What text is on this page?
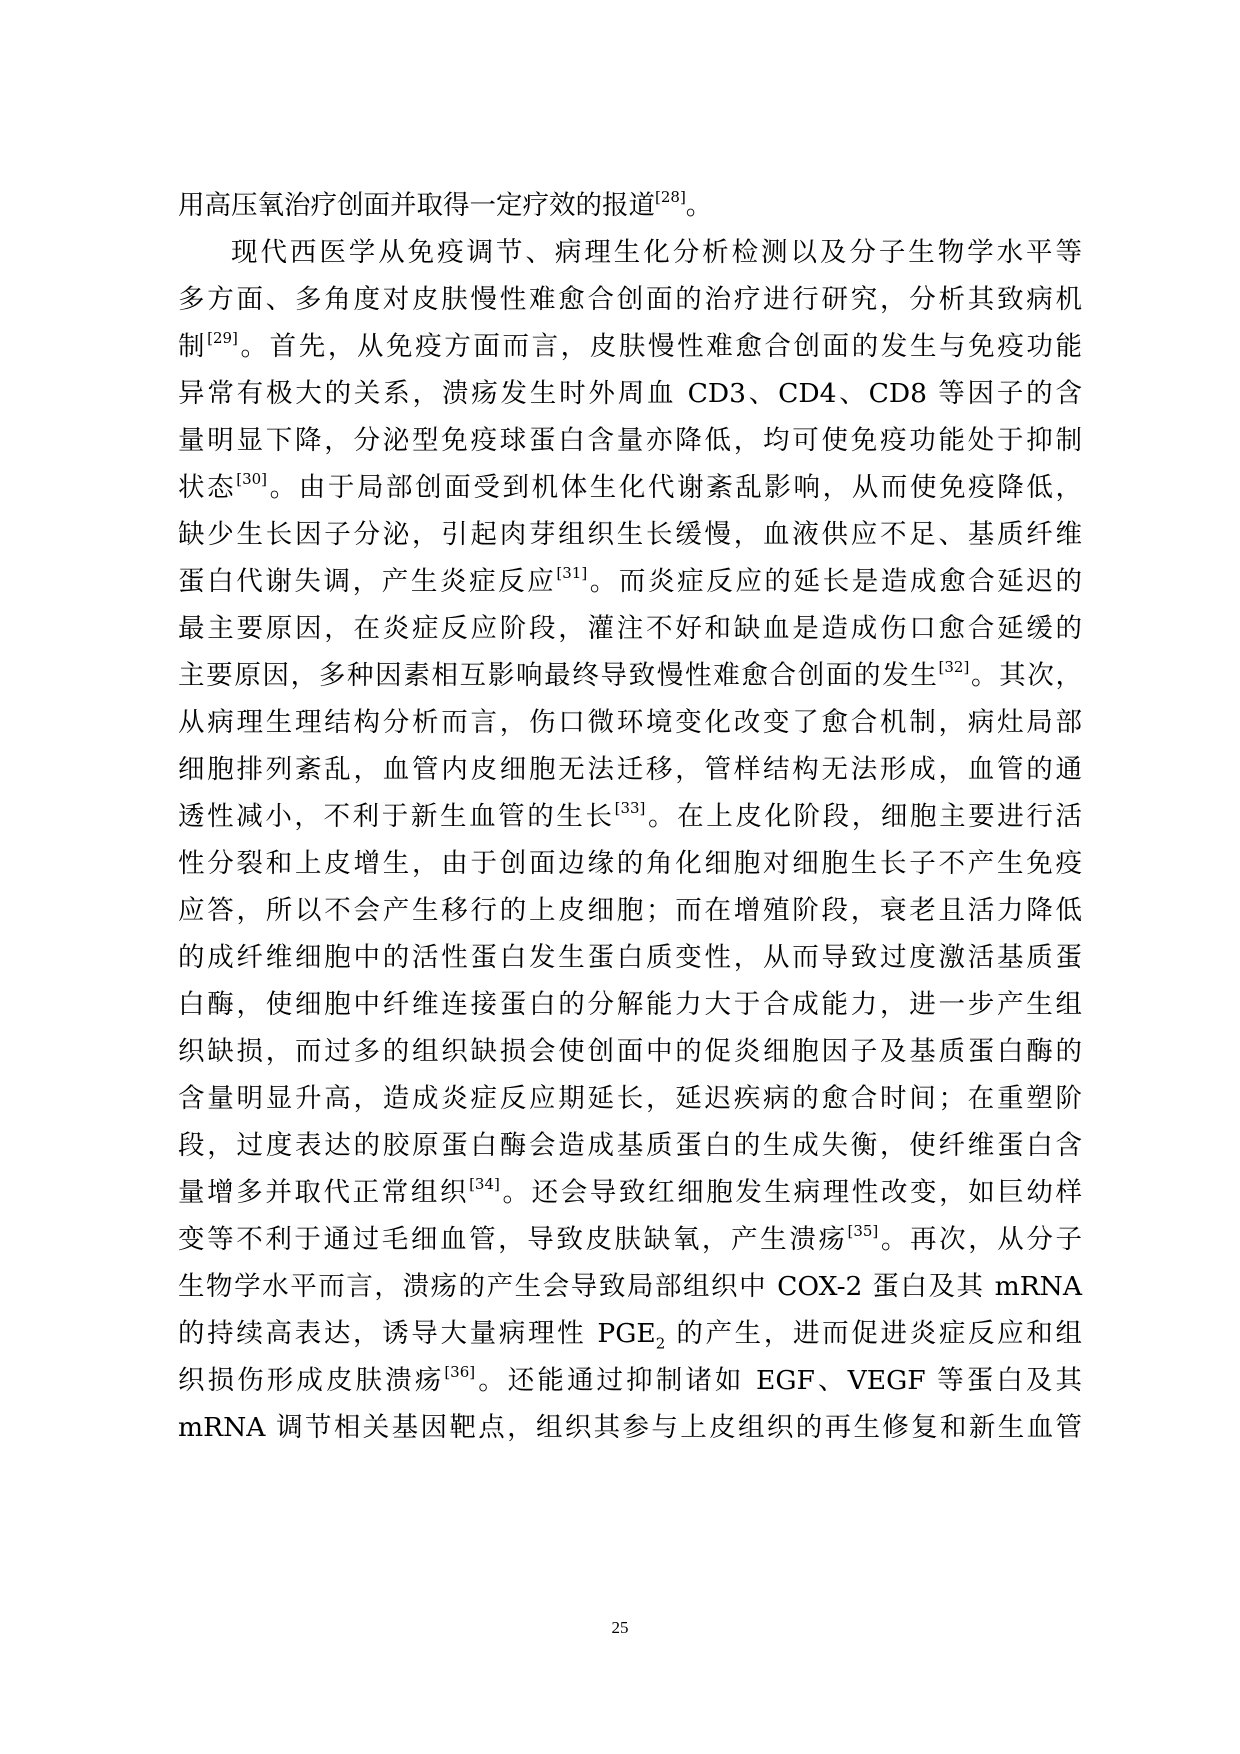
用高压氧治疗创面并取得一定疗效的报道[28]。
现代西医学从免疫调节、病理生化分析检测以及分子生物学水平等
多方面、多角度对皮肤慢性难愈合创面的治疗进行研究，分析其致病机
制[29]。首先，从免疫方面而言，皮肤慢性难愈合创面的发生与免疫功能
异常有极大的关系，溃疡发生时外周血 CD3、CD4、CD8 等因子的含
量明显下降，分泌型免疫球蛋白含量亦降低，均可使免疫功能处于抑制
状态[30]。由于局部创面受到机体生化代谢紊乱影响，从而使免疫降低，
缺少生长因子分泌，引起肉芽组织生长缓慢，血液供应不足、基质纤维
蛋白代谢失调，产生炎症反应[31]。而炎症反应的延长是造成愈合延迟的
最主要原因，在炎症反应阶段，灌注不好和缺血是造成伤口愈合延缓的
主要原因，多种因素相互影响最终导致慢性难愈合创面的发生[32]。其次，
从病理生理结构分析而言，伤口微环境变化改变了愈合机制，病灶局部
细胞排列紊乱，血管内皮细胞无法迁移，管样结构无法形成，血管的通
透性减小，不利于新生血管的生长[33]。在上皮化阶段，细胞主要进行活
性分裂和上皮增生，由于创面边缘的角化细胞对细胞生长子不产生免疫
应答，所以不会产生移行的上皮细胞；而在增殖阶段，衰老且活力降低
的成纤维细胞中的活性蛋白发生蛋白质变性，从而导致过度激活基质蛋
白酶，使细胞中纤维连接蛋白的分解能力大于合成能力，进一步产生组
织缺损，而过多的组织缺损会使创面中的促炎细胞因子及基质蛋白酶的
含量明显升高，造成炎症反应期延长，延迟疾病的愈合时间；在重塑阶
段，过度表达的胶原蛋白酶会造成基质蛋白的生成失衡，使纤维蛋白含
量增多并取代正常组织[34]。还会导致红细胞发生病理性改变，如巨幼样
变等不利于通过毛细血管，导致皮肤缺氧，产生溃疡[35]。再次，从分子
生物学水平而言，溃疡的产生会导致局部组织中 COX-2 蛋白及其 mRNA
的持续高表达，诱导大量病理性 $PGE_2$ 的产生，进而促进炎症反应和组
织损伤形成皮肤溃疡[36]。还能通过抑制诸如 EGF、VEGF 等蛋白及其
mRNA 调节相关基因靶点，组织其参与上皮组织的再生修复和新生血管
25
